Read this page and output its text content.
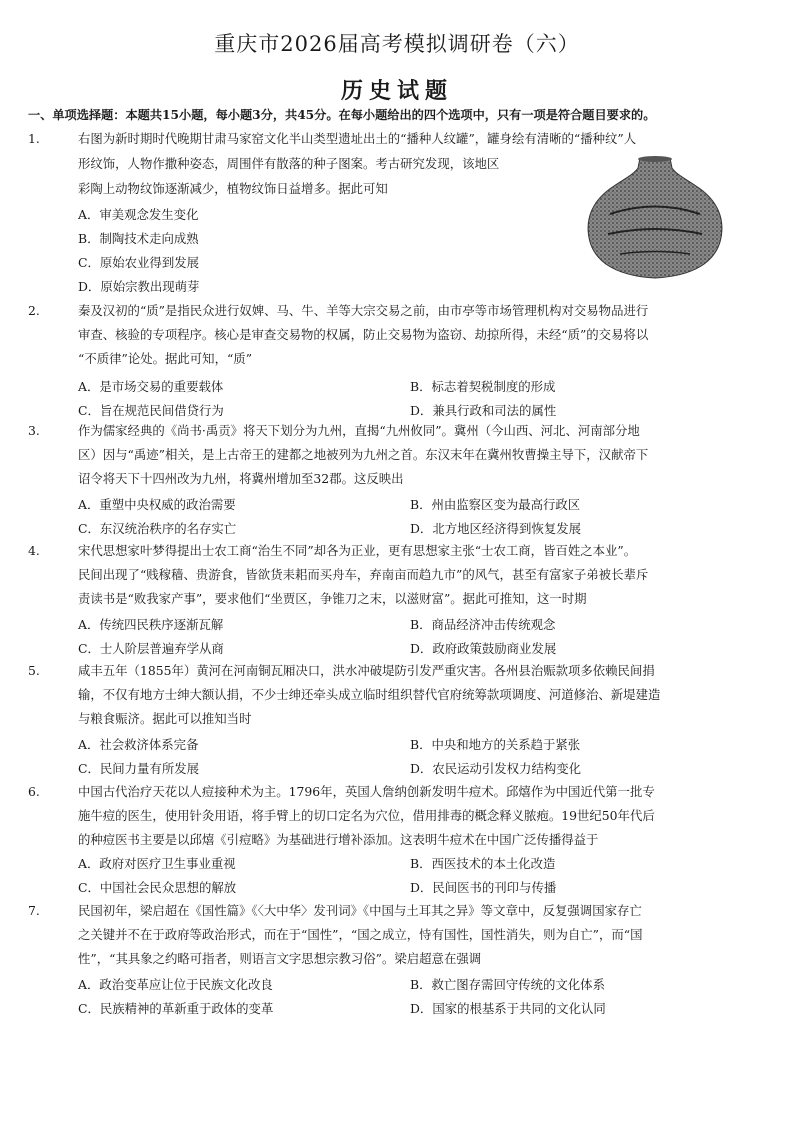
重庆市2026届高考模拟调研卷（六）
历史试题
一、单项选择题：本题共15小题，每小题3分，共45分。在每小题给出的四个选项中，只有一项是符合题目要求的。
1.	右图为新时期时代晚期甘肃马家窑文化半山类型遗址出土的“播种人纹罐”，罐身绘有清晰的“播种纹”人
形纹饰，人物作撒种姿态，周围伴有散落的种子图案。考古研究发现，该地区
彩陶上动物纹饰逐渐减少，植物纹饰日益增多。据此可知
A．审美观念发生变化
B．制陶技术走向成熟
C．原始农业得到发展
D．原始宗教出现萌芽
2.	秦及汉初的“质”是指民众进行奴婢、马、牛、羊等大宗交易之前，由市亭等市场管理机构对交易物品进行
审查、核验的专项程序。核心是审查交易物的权属，防止交易物为盗窃、劫掠所得，未经“质”的交易将以
“不质律”论处。据此可知，“质”
A．是市场交易的重要载体	B．标志着契税制度的形成
C．旨在规范民间借贷行为	D．兼具行政和司法的属性
3.	作为儒家经典的《尚书·禹贡》将天下划分为九州，直揭“九州攸同”。冀州（今山西、河北、河南部分地
区）因与“禹迹”相关，是上古帝王的建都之地被列为九州之首。东汉末年在冀州牧曹操主导下，汉献帝下
诏令将天下十四州改为九州，将冀州增加至32郡。这反映出
A．重塑中央权威的政治需要	B．州由监察区变为最高行政区
C．东汉统治秩序的名存实亡	D．北方地区经济得到恢复发展
4.	宋代思想家叶梦得提出士农工商“治生不同”却各为正业，更有思想家主张“士农工商，皆百姓之本业”。
民间出现了“贱稼穑、贵游食，皆欲货耒耜而买舟车，弃南亩而趋九市”的风气，甚至有富家子弟被长辈斥
责读书是“败我家产事”，要求他们“坐贾区，争锥刀之末，以滋财富”。据此可推知，这一时期
A．传统四民秩序逐渐瓦解	B．商品经济冲击传统观念
C．士人阶层普遍弃学从商	D．政府政策鼓励商业发展
5.	咸丰五年（1855年）黄河在河南铜瓦厢决口，洪水冲破堤防引发严重灾害。各州县治赈款项多依赖民间捐
输，不仅有地方士绅大额认捐，不少士绅还牵头成立临时组织替代官府统筹款项调度、河道修治、新堤建造
与粮食赈济。据此可以推知当时
A．社会救济体系完备	B．中央和地方的关系趋于紧张
C．民间力量有所发展	D．农民运动引发权力结构变化
6.	中国古代治疗天花以人痘接种术为主。1796年，英国人詹纳创新发明牛痘术。邱熺作为中国近代第一批专
施牛痘的医生，使用针灸用语，将手臂上的切口定名为穴位，借用排毒的概念释义脓疱。19世纪50年代后
的种痘医书主要是以邱熺《引痘略》为基础进行增补添加。这表明牛痘术在中国广泛传播得益于
A．政府对医疗卫生事业重视	B．西医技术的本土化改造
C．中国社会民众思想的解放	D．民间医书的刊印与传播
7.	民国初年，梁启超在《国性篇》《〈大中华〉发刊词》《中国与土耳其之异》等文章中，反复强调国家存亡
之关键并不在于政府等政治形式，而在于“国性”，“国之成立，恃有国性，国性消失，则为自亡”，而“国
性”，“其具象之约略可指者，则语言文字思想宗教习俗”。梁启超意在强调
A．政治变革应让位于民族文化改良	B．救亡图存需回守传统的文化体系
C．民族精神的革新重于政体的变革	D．国家的根基系于共同的文化认同
